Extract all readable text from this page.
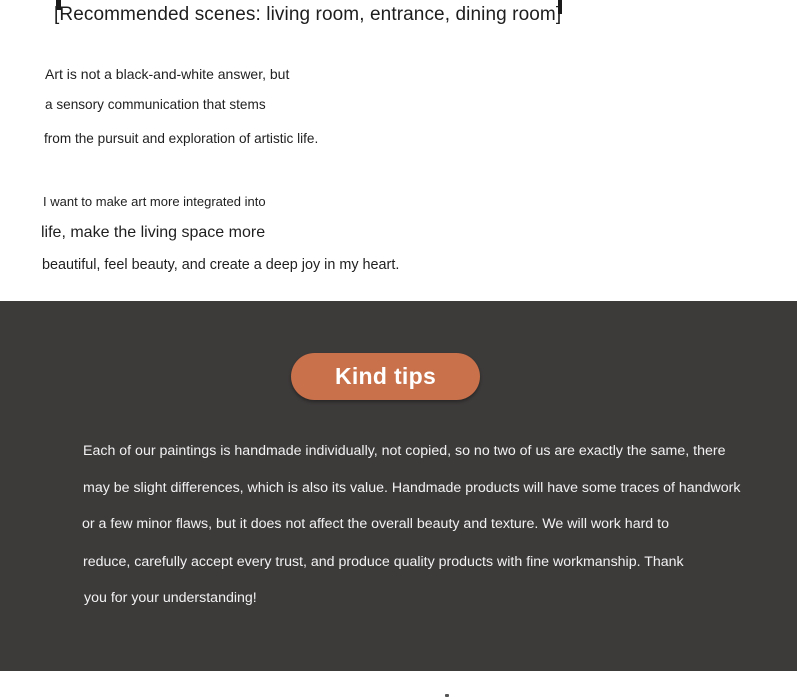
[Recommended scenes: living room, entrance, dining room]
Art is not a black-and-white answer, but
a sensory communication that stems
from the pursuit and exploration of artistic life.
I want to make art more integrated into
life, make the living space more
beautiful, feel beauty, and create a deep joy in my heart.
Kind tips
Each of our paintings is handmade individually, not copied, so no two of us are exactly the same, there
may be slight differences, which is also its value. Handmade products will have some traces of handwork
or a few minor flaws, but it does not affect the overall beauty and texture. We will work hard to
reduce, carefully accept every trust, and produce quality products with fine workmanship. Thank
you for your understanding!
